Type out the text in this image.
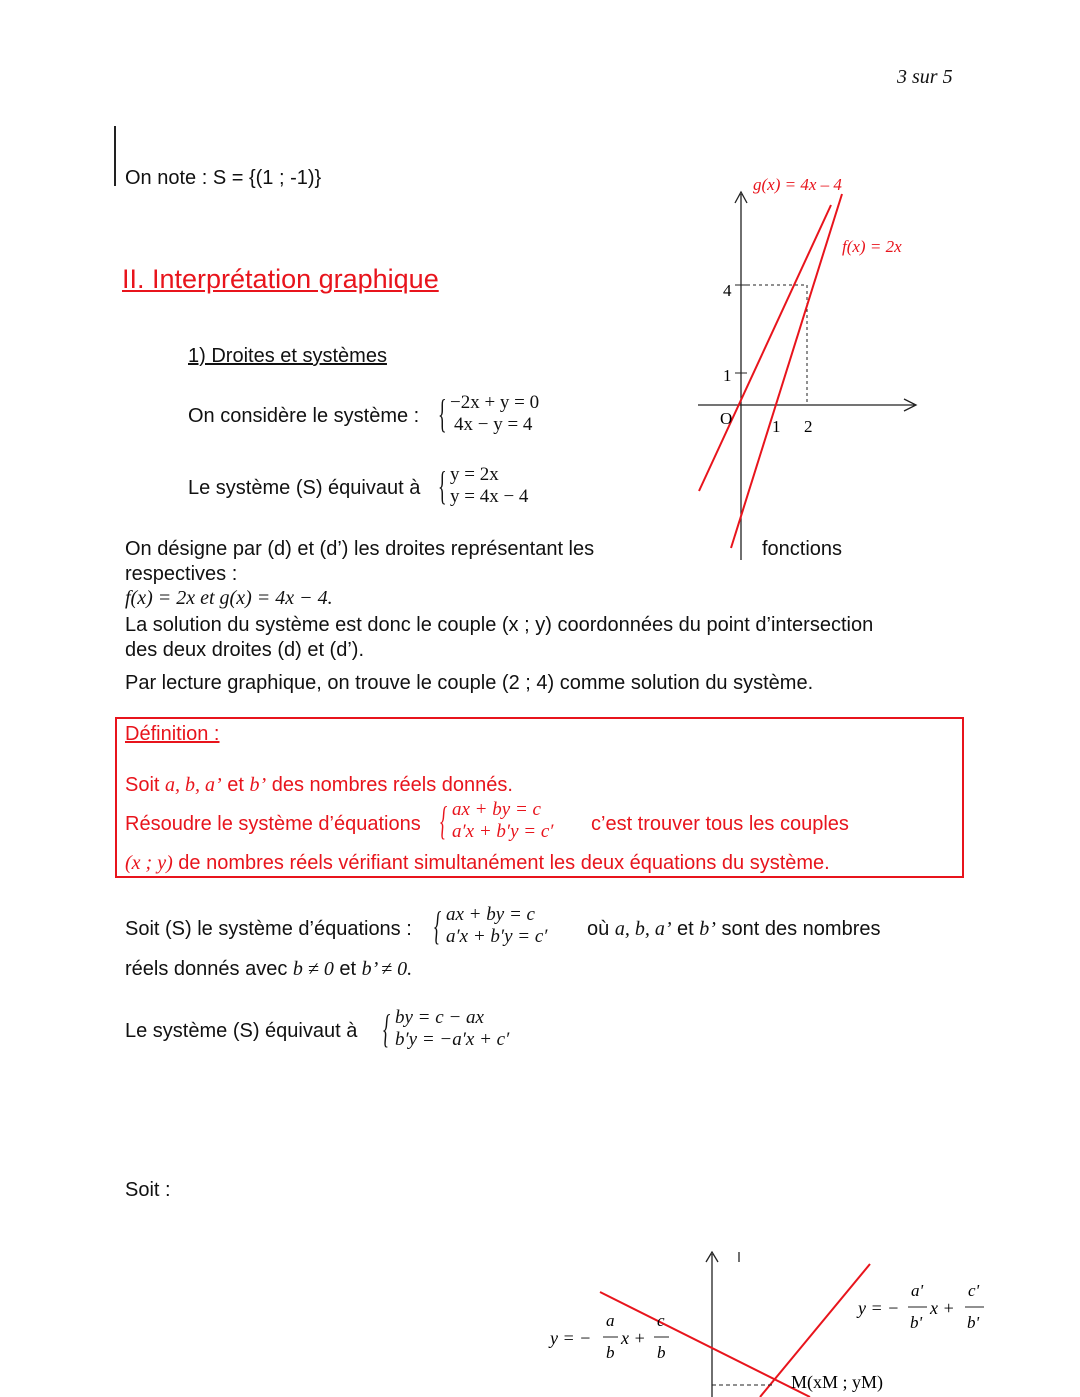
3 sur 5
On note : S = {(1 ; -1)}
II. Interprétation graphique
1) Droites et systèmes
On considère le système : { −2x + y = 0
4x − y = 4
Le système (S) équivaut à { y = 2x
y = 4x − 4
g(x) = 4x – 4
f(x) = 2x
4
1
O 1 2
On désigne par (d) et (d’) les droites représentant les	fonctions
respectives :
f(x) = 2x et g(x) = 4x − 4.
La solution du système est donc le couple (x ; y) coordonnées du point d’intersection
des deux droites (d) et (d’).
Par lecture graphique, on trouve le couple (2 ; 4) comme solution du système.
Définition :
Soit a, b, a’ et b’ des nombres réels donnés.
Résoudre le système d’équations { ax + by = c
a′x + b′y = c′ c’est trouver tous les couples
(x ; y) de nombres réels vérifiant simultanément les deux équations du système.
Soit (S) le système d’équations : { ax + by = c
a′x + b′y = c′ où a, b, a’ et b’ sont des nombres
réels donnés avec b ≠ 0 et b’ ≠ 0.
Le système (S) équivaut à { by = c − ax
b′y = −a′x + c′
Soit :
y = −
a
b
x +
c
b
y = −
a'
b'
x +
c'
b'
M(xM ; yM)
